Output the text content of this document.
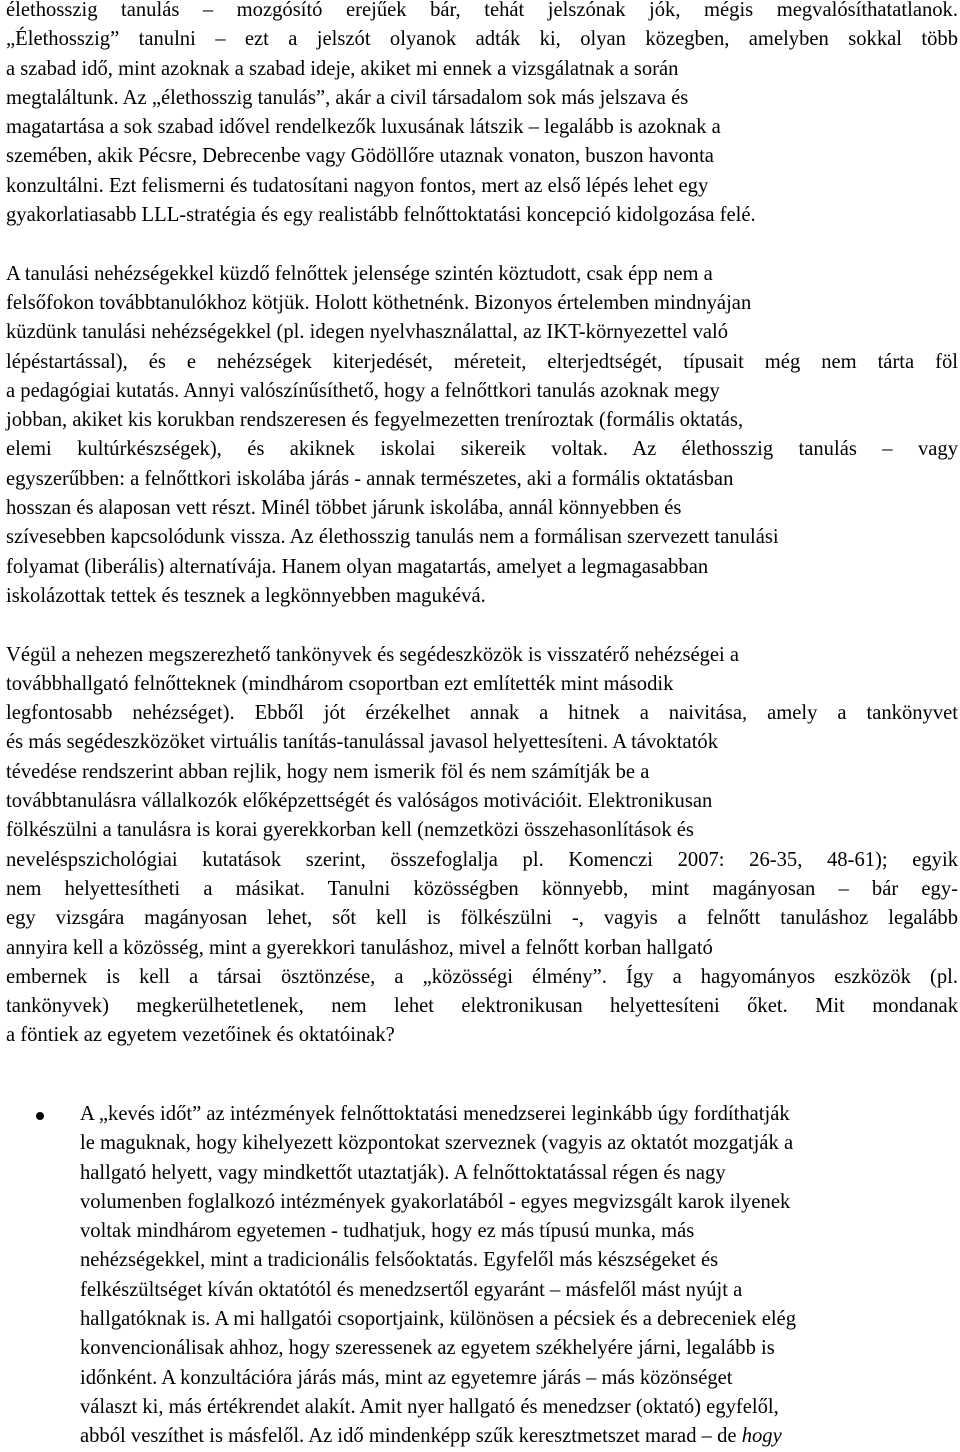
élethosszig tanulás – mozgósító erejűek bár, tehát jelszónak jók, mégis megvalósíthatatlanok.
„Élethosszig” tanulni – ezt a jelszót olyanok adták ki, olyan közegben, amelyben sokkal több
a szabad idő, mint azoknak a szabad ideje, akiket mi ennek a vizsgálatnak a során
megtaláltunk. Az „élethosszig tanulás”, akár a civil társadalom sok más jelszava és
magatartása a sok szabad idővel rendelkezők luxusának látszik – legalább is azoknak a
szemében, akik Pécsre, Debrecenbe vagy Gödöllőre utaznak vonaton, buszon havonta
konzultálni. Ezt felismerni és tudatosítani nagyon fontos, mert az első lépés lehet egy
gyakorlatiasabb LLL-stratégia és egy realistább felnőttoktatási koncepció kidolgozása felé.
A tanulási nehézségekkel küzdő felnőttek jelensége szintén köztudott, csak épp nem a
felsőfokon továbbtanulókhoz kötjük. Holott köthetnénk. Bizonyos értelemben mindnyájan
küzdünk tanulási nehézségekkel (pl. idegen nyelvhasználattal, az IKT-környezettel való
lépéstartással), és e nehézségek kiterjedését, méreteit, elterjedtségét, típusait még nem tárta föl
a pedagógiai kutatás. Annyi valószínűsíthető, hogy a felnőttkori tanulás azoknak megy
jobban, akiket kis korukban rendszeresen és fegyelmezetten treníroztak (formális oktatás,
elemi kultúrkészségek), és akiknek iskolai sikereik voltak. Az élethosszig tanulás – vagy
egyszerűbben: a felnőttkori iskolába járás - annak természetes, aki a formális oktatásban
hosszan és alaposan vett részt. Minél többet járunk iskolába, annál könnyebben és
szívesebben kapcsolódunk vissza. Az élethosszig tanulás nem a formálisan szervezett tanulási
folyamat (liberális) alternatívája. Hanem olyan magatartás, amelyet a legmagasabban
iskolázottak tettek és tesznek a legkönnyebben magukévá.
Végül a nehezen megszerezhető tankönyvek és segédeszközök is visszatérő nehézségei a
továbbhallgató felnőtteknek (mindhárom csoportban ezt említették mint második
legfontosabb nehézséget). Ebből jót érzékelhet annak a hitnek a naivitása, amely a tankönyvet
és más segédeszközöket virtuális tanítás-tanulással javasol helyettesíteni. A távoktatók
tévedése rendszerint abban rejlik, hogy nem ismerik föl és nem számítják be a
továbbtanulásra vállalkozók előképzettségét és valóságos motivációit. Elektronikusan
fölkészülni a tanulásra is korai gyerekkorban kell (nemzetközi összehasonlítások és
neveléspszichológiai kutatások szerint, összefoglalja pl. Komenczi 2007: 26-35, 48-61); egyik
nem helyettesítheti a másikat. Tanulni közösségben könnyebb, mint magányosan – bár egy-
egy vizsgára magányosan lehet, sőt kell is fölkészülni -, vagyis a felnőtt tanuláshoz legalább
annyira kell a közösség, mint a gyerekkori tanuláshoz, mivel a felnőtt korban hallgató
embernek is kell a társai ösztönzése, a „közösségi élmény”. Így a hagyományos eszközök (pl.
tankönyvek) megkerülhetetlenek, nem lehet elektronikusan helyettesíteni őket. Mit mondanak
a föntiek az egyetem vezetőinek és oktatóinak?
A „kevés időt” az intézmények felnőttoktatási menedzserei leginkább úgy fordíthatják
le maguknak, hogy kihelyezett központokat szerveznek (vagyis az oktatót mozgatják a
hallgató helyett, vagy mindkettőt utaztatják). A felnőttoktatással régen és nagy
volumenben foglalkozó intézmények gyakorlatából - egyes megvizsgált karok ilyenek
voltak mindhárom egyetemen - tudhatjuk, hogy ez más típusú munka, más
nehézségekkel, mint a tradicionális felsőoktatás. Egyfelől más készségeket és
felkészültséget kíván oktatótól és menedzsertől egyaránt – másfelől mást nyújt a
hallgatóknak is. A mi hallgatói csoportjaink, különösen a pécsiek és a debreceniek elég
konvencionálisak ahhoz, hogy szeressenek az egyetem székhelyére járni, legalább is
időnként. A konzultációra járás más, mint az egyetemre járás – más közönséget
választ ki, más értékrendet alakít. Amit nyer hallgató és menedzser (oktató) egyfelől,
abból veszíthet is másfelől. Az idő mindenképp szűk keresztmetszet marad – de hogy
